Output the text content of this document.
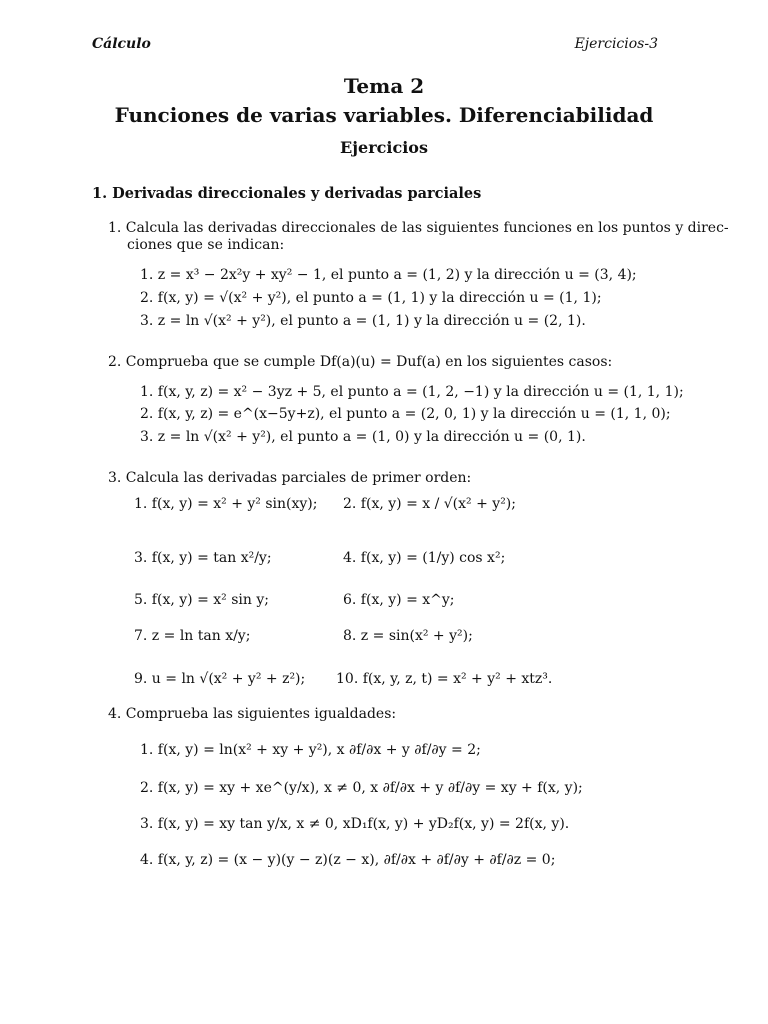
Cálculo	Ejercicios-3
Tema 2
Funciones de varias variables. Diferenciabilidad
Ejercicios
1. Derivadas direccionales y derivadas parciales
1. Calcula las derivadas direccionales de las siguientes funciones en los puntos y direc-
ciones que se indican:
1. z = x³ − 2x²y + xy² − 1, el punto a = (1, 2) y la dirección u = (3, 4);
2. f(x, y) = √(x² + y²), el punto a = (1, 1) y la dirección u = (1, 1);
3. z = ln √(x² + y²), el punto a = (1, 1) y la dirección u = (2, 1).
2. Comprueba que se cumple Df(a)(u) = Duf(a) en los siguientes casos:
1. f(x, y, z) = x² − 3yz + 5, el punto a = (1, 2, −1) y la dirección u = (1, 1, 1);
2. f(x, y, z) = e^(x−5y+z), el punto a = (2, 0, 1) y la dirección u = (1, 1, 0);
3. z = ln √(x² + y²), el punto a = (1, 0) y la dirección u = (0, 1).
3. Calcula las derivadas parciales de primer orden:
1. f(x, y) = x² + y² sin(xy); 2. f(x, y) = x / √(x² + y²);
3. f(x, y) = tan x²/y;	4. f(x, y) = (1/y) cos x²;
5. f(x, y) = x² sin y;	6. f(x, y) = x^y;
7. z = ln tan x/y;	8. z = sin(x² + y²);
9. u = ln √(x² + y² + z²); 10. f(x, y, z, t) = x² + y² + xtz³.
4. Comprueba las siguientes igualdades:
1. f(x, y) = ln(x² + xy + y²), x ∂f/∂x + y ∂f/∂y = 2;
2. f(x, y) = xy + xe^(y/x), x ≠ 0, x ∂f/∂x + y ∂f/∂y = xy + f(x, y);
3. f(x, y) = xy tan y/x, x ≠ 0, xD₁f(x, y) + yD₂f(x, y) = 2f(x, y).
4. f(x, y, z) = (x − y)(y − z)(z − x), ∂f/∂x + ∂f/∂y + ∂f/∂z = 0;
